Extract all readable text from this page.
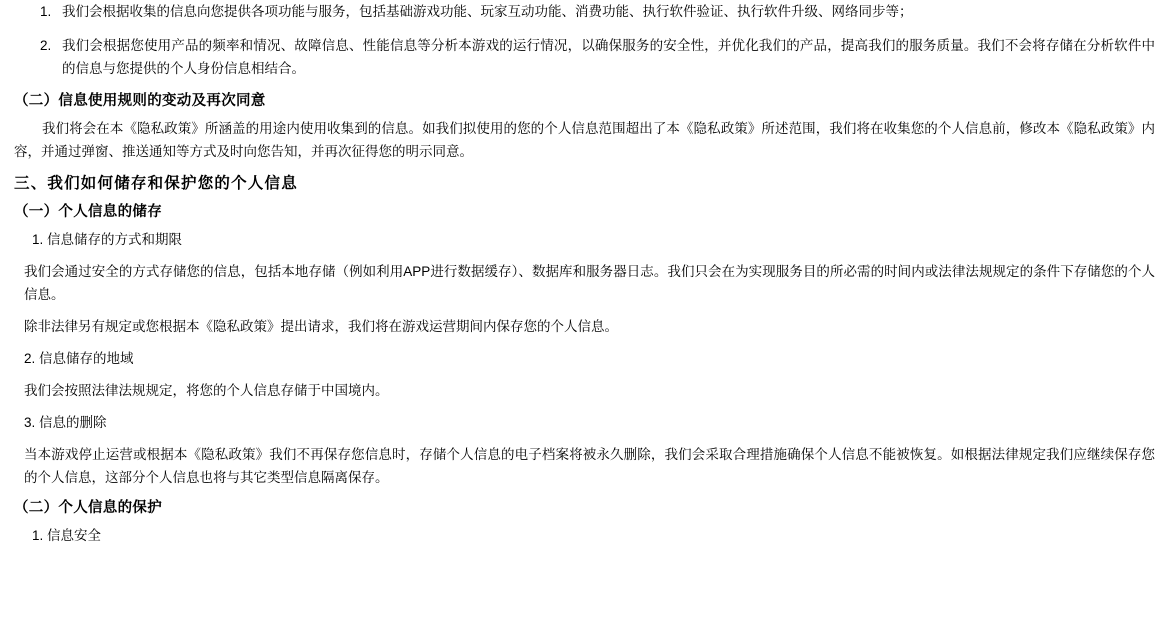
我们会根据收集的信息向您提供各项功能与服务，包括基础游戏功能、玩家互动功能、消费功能、执行软件验证、执行软件升级、网络同步等；
我们会根据您使用产品的频率和情况、故障信息、性能信息等分析本游戏的运行情况，以确保服务的安全性，并优化我们的产品，提高我们的服务质量。我们不会将存储在分析软件中的信息与您提供的个人身份信息相结合。
（二）信息使用规则的变动及再次同意

我们将会在本《隐私政策》所涵盖的用途内使用收集到的信息。如我们拟使用的您的个人信息范围超出了本《隐私政策》所述范围，我们将在收集您的个人信息前，修改本《隐私政策》内容，并通过弹窗、推送通知等方式及时向您告知，并再次征得您的明示同意。

三、我们如何储存和保护您的个人信息
（一）个人信息的储存

1. 信息储存的方式和期限

我们会通过安全的方式存储您的信息，包括本地存储（例如利用APP进行数据缓存）、数据库和服务器日志。我们只会在为实现服务目的所必需的时间内或法律法规规定的条件下存储您的个人信息。

除非法律另有规定或您根据本《隐私政策》提出请求，我们将在游戏运营期间内保存您的个人信息。

2. 信息储存的地域

我们会按照法律法规规定，将您的个人信息存储于中国境内。

3. 信息的删除

当本游戏停止运营或根据本《隐私政策》我们不再保存您信息时，存储个人信息的电子档案将被永久删除，我们会采取合理措施确保个人信息不能被恢复。如根据法律规定我们应继续保存您的个人信息，这部分个人信息也将与其它类型信息隔离保存。

（二）个人信息的保护

1. 信息安全
